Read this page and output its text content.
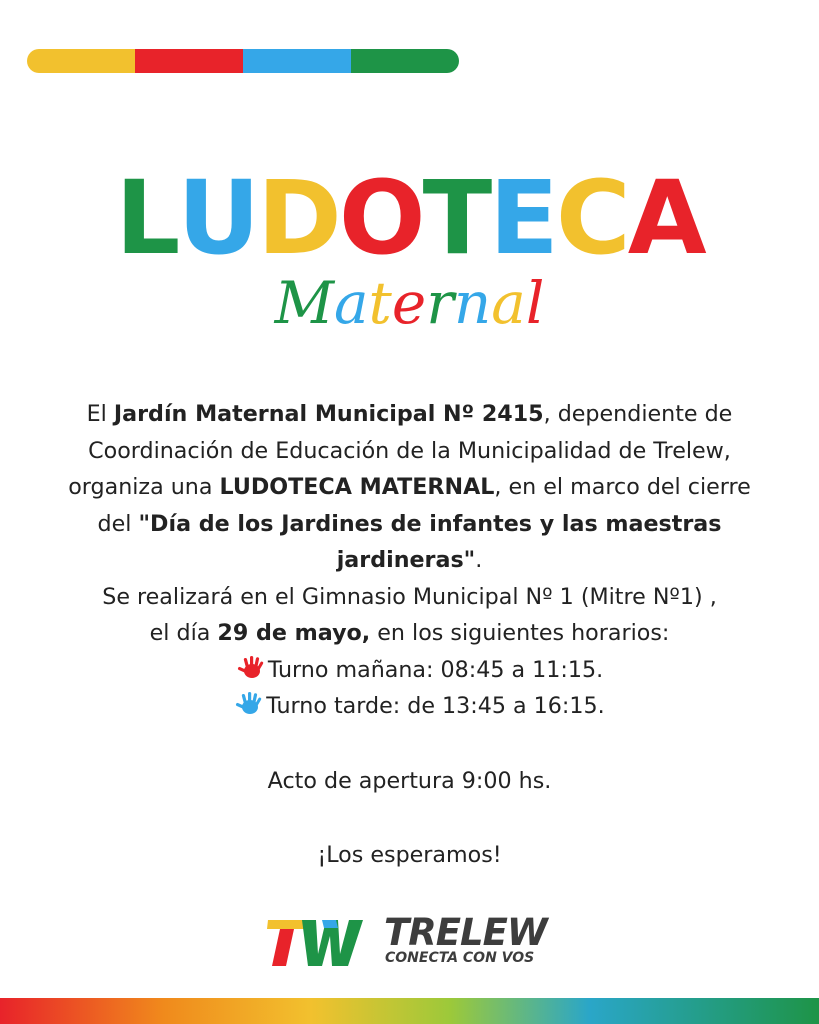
LUDOTECA
Maternal
El Jardín Maternal Municipal Nº 2415, dependiente de
Coordinación de Educación de la Municipalidad de Trelew,
organiza una LUDOTECA MATERNAL, en el marco del cierre
del "Día de los Jardines de infantes y las maestras
jardineras".
Se realizará en el Gimnasio Municipal Nº 1 (Mitre Nº1) ,
el día 29 de mayo, en los siguientes horarios:
Turno mañana: 08:45 a 11:15.
Turno tarde: de 13:45 a 16:15.
Acto de apertura 9:00 hs.
¡Los esperamos!
TRELEW
CONECTA CON VOS
